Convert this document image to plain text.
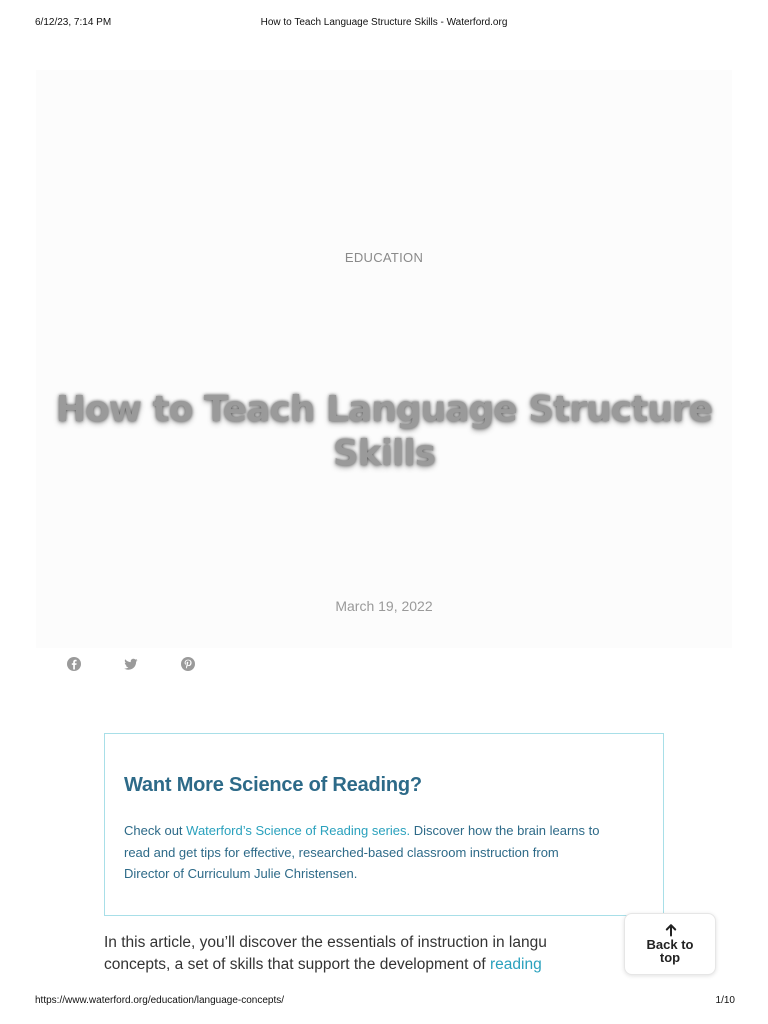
6/12/23, 7:14 PM	How to Teach Language Structure Skills - Waterford.org
EDUCATION
How to Teach Language Structure
Skills
March 19, 2022
Want More Science of Reading?
Check out Waterford’s Science of Reading series. Discover how the brain learns to
read and get tips for effective, researched-based classroom instruction from
Director of Curriculum Julie Christensen.
In this article, you’ll discover the essentials of instruction in langu
concepts, a set of skills that support the development of reading
Back to
top
https://www.waterford.org/education/language-concepts/	1/10
